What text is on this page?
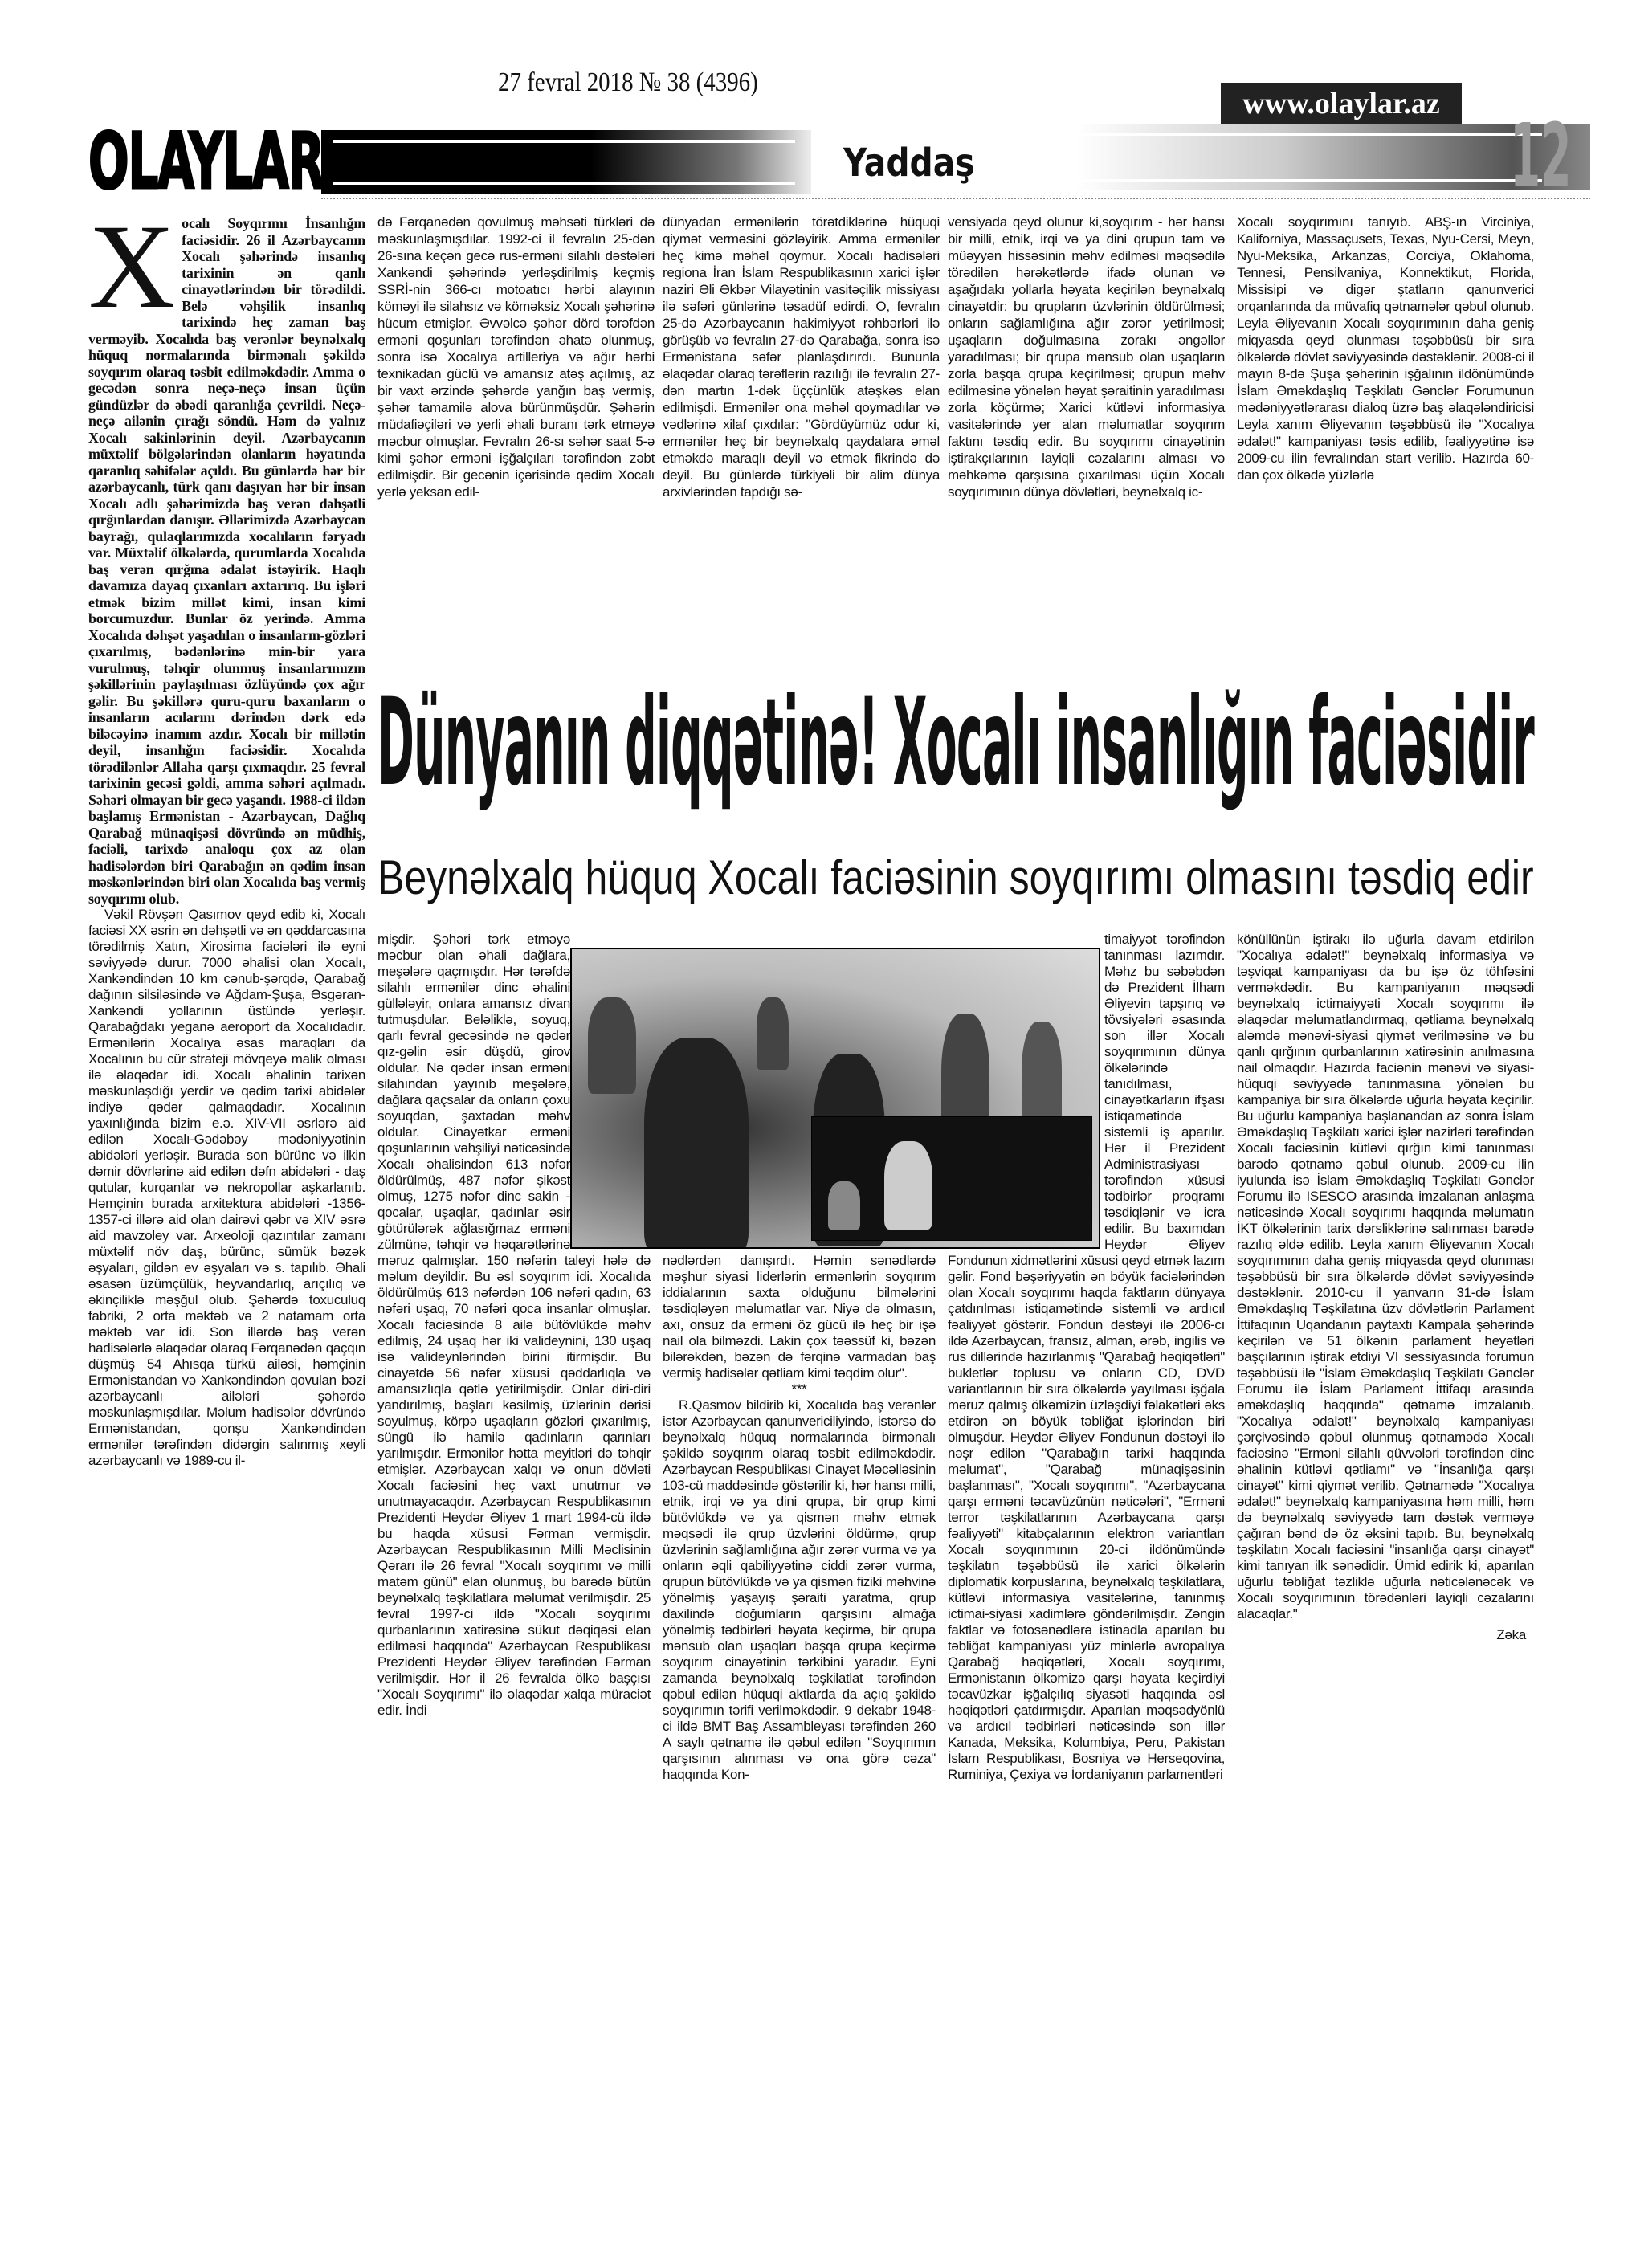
27 fevral 2018 № 38 (4396)
www.olaylar.az
OLAYLAR	Yaddaş	12

Xocalı Soyqırımı İnsanlığın faciəsidir. 26 il Azərbaycanın Xocalı şəhərində insanlıq tarixinin ən qanlı cinayətlərindən bir törədildi. Belə vəhşilik insanlıq tarixində heç zaman baş verməyib. Xocalıda baş verənlər beynəlxalq hüquq normalarında birmənalı şəkildə soyqırım olaraq təsbit edilməkdədir. Amma o gecədən sonra neçə-neçə insan üçün gündüzlər də əbədi qaranlığa çevrildi. Neçə-neçə ailənin çırağı söndü. Həm də yalnız Xocalı sakinlərinin deyil. Azərbaycanın müxtəlif bölgələrindən olanların həyatında qaranlıq səhifələr açıldı. Bu günlərdə hər bir azərbaycanlı, türk qanı daşıyan hər bir insan Xocalı adlı şəhərimizdə baş verən dəhşətli qırğınlardan danışır. Əllərimizdə Azərbaycan bayrağı, qulaqlarımızda xocalıların fəryadı var. Müxtəlif ölkələrdə, qurumlarda Xocalıda baş verən qırğına ədalət istəyirik. Haqlı davamıza dayaq çıxanları axtarırıq. Bu işləri etmək bizim millət kimi, insan kimi borcumuzdur. Bunlar öz yerində. Amma Xocalıda dəhşət yaşadılan o insanların-gözləri çıxarılmış, bədənlərinə min-bir yara vurulmuş, təhqir olunmuş insanlarımızın şəkillərinin paylaşılması özlüyündə çox ağır gəlir. Bu şəkillərə quru-quru baxanların o insanların acılarını dərindən dərk edə biləcəyinə inamım azdır. Xocalı bir millətin deyil, insanlığın faciəsidir. Xocalıda törədilənlər Allaha qarşı çıxmaqdır. 25 fevral tarixinin gecəsi gəldi, amma səhəri açılmadı. Səhəri olmayan bir gecə yaşandı. 1988-ci ildən başlamış Ermənistan - Azərbaycan, Dağlıq Qarabağ münaqişəsi dövründə ən müdhiş, faciəli, tarixdə analoqu çox az olan hadisələrdən biri Qarabağın ən qədim insan məskənlərindən biri olan Xocalıda baş vermiş soyqırımı olub.

Vəkil Rövşən Qasımov qeyd edib ki, Xocalı faciəsi XX əsrin ən dəhşətli və ən qəddarcasına törədilmiş Xatın, Xirosima faciələri ilə eyni səviyyədə durur. 7000 əhalisi olan Xocalı, Xankəndindən 10 km cənub-şərqdə, Qarabağ dağının silsiləsində və Ağdam-Şuşa, Əsgəran-Xankəndi yollarının üstündə yerləşir. Qarabağdakı yeganə aeroport da Xocalıdadır. Ermənilərin Xocalıya əsas maraqları da Xocalının bu cür strateji mövqeyə malik olması ilə əlaqədar idi. Xocalı əhalinin tarixən məskunlaşdığı yerdir və qədim tarixi abidələr indiyə qədər qalmaqdadır. Xocalının yaxınlığında bizim e.ə. XIV-VII əsrlərə aid edilən Xocalı-Gədəbəy mədəniyyətinin abidələri yerləşir. Burada son bürünc və ilkin dəmir dövrlərinə aid edilən dəfn abidələri - daş qutular, kurqanlar və nekropollar aşkarlanıb. Həmçinin burada arxitektura abidələri -1356-1357-ci illərə aid olan dairəvi qəbr və XIV əsrə aid mavzoley var. Arxeoloji qazıntılar zamanı müxtəlif növ daş, bürünc, sümük bəzək əşyaları, gildən ev əşyaları və s. tapılıb. Əhali əsasən üzümçülük, heyvandarlıq, arıçılıq və əkinçiliklə məşğul olub. Şəhərdə toxuculuq fabriki, 2 orta məktəb və 2 natamam orta məktəb var idi. Son illərdə baş verən hadisələrlə əlaqədar olaraq Fərqanədən qaçqın düşmüş 54 Ahısqa türkü ailəsi, həmçinin Ermənistandan və Xankəndindən qovulan bəzi azərbaycanlı ailələri şəhərdə məskunlaşmışdılar. Məlum hadisələr dövründə Ermənistandan, qonşu Xankəndindən ermənilər tərəfindən didərgin salınmış xeyli azərbaycanlı və 1989-cu il-

də Fərqanədən qovulmuş məhsəti türkləri də məskunlaşmışdılar. 1992-ci il fevralın 25-dən 26-sına keçən gecə rus-erməni silahlı dəstələri Xankəndi şəhərində yerləşdirilmiş keçmiş SSRİ-nin 366-cı motoatıcı hərbi alayının köməyi ilə silahsız və köməksiz Xocalı şəhərinə hücum etmişlər. Əvvəlcə şəhər dörd tərəfdən erməni qoşunları tərəfindən əhatə olunmuş, sonra isə Xocalıya artilleriya və ağır hərbi texnikadan güclü və amansız atəş açılmış, az bir vaxt ərzində şəhərdə yanğın baş vermiş, şəhər tamamilə alova bürünmüşdür. Şəhərin müdafiəçiləri və yerli əhali buranı tərk etməyə məcbur olmuşlar. Fevralın 26-sı səhər saat 5-ə kimi şəhər erməni işğalçıları tərəfindən zəbt edilmişdir. Bir gecənin içərisində qədim Xocalı yerlə yeksan edil-

dünyadan ermənilərin törətdiklərinə hüquqi qiymət verməsini gözləyirik. Amma ermənilər heç kimə məhəl qoymur. Xocalı hadisələri regiona İran İslam Respublikasının xarici işlər naziri Əli Əkbər Vilayətinin vasitəçilik missiyası ilə səfəri günlərinə təsadüf edirdi. O, fevralın 25-də Azərbaycanın hakimiyyət rəhbərləri ilə görüşüb və fevralın 27-də Qarabağa, sonra isə Ermənistana səfər planlaşdırırdı. Bununla əlaqədar olaraq tərəflərin razılığı ilə fevralın 27-dən martın 1-dək üççünlük atəşkəs elan edilmişdi. Ermənilər ona məhəl qoymadılar və vədlərinə xilaf çıxdılar: "Gördüyümüz odur ki, ermənilər heç bir beynəlxalq qaydalara əməl etməkdə maraqlı deyil və etmək fikrində də deyil. Bu günlərdə türkiyəli bir alim dünya arxivlərindən tapdığı sə-

vensiyada qeyd olunur ki,soyqırım - hər hansı bir milli, etnik, irqi və ya dini qrupun tam və müəyyən hissəsinin məhv edilməsi məqsədilə törədilən hərəkətlərdə ifadə olunan və aşağıdakı yollarla həyata keçirilən beynəlxalq cinayətdir: bu qrupların üzvlərinin öldürülməsi; onların sağlamlığına ağır zərər yetirilməsi; uşaqların doğulmasına zorakı əngəllər yaradılması; bir qrupa mənsub olan uşaqların zorla başqa qrupa keçirilməsi; qrupun məhv edilməsinə yönələn həyat şəraitinin yaradılması zorla köçürmə; Xarici kütləvi informasiya vasitələrində yer alan məlumatlar soyqırım faktını təsdiq edir. Bu soyqırımı cinayətinin iştirakçılarının layiqli cəzalarını alması və məhkəmə qarşısına çıxarılması üçün Xocalı soyqırımının dünya dövlətləri, beynəlxalq ic-

Xocalı soyqırımını tanıyıb. ABŞ-ın Virciniya, Kaliforniya, Massaçusets, Texas, Nyu-Cersi, Meyn, Nyu-Meksika, Arkanzas, Corciya, Oklahoma, Tennesi, Pensilvaniya, Konnektikut, Florida, Missisipi və digər ştatların qanunverici orqanlarında da müvafiq qətnamələr qəbul olunub. Leyla Əliyevanın Xocalı soyqırımının daha geniş miqyasda qeyd olunması təşəbbüsü bir sıra ölkələrdə dövlət səviyyəsində dəstəklənir. 2008-ci il mayın 8-də Şuşa şəhərinin işğalının ildönümündə İslam Əməkdaşlıq Təşkilatı Gənclər Forumunun mədəniyyətlərarası dialoq üzrə baş əlaqələndiricisi Leyla xanım Əliyevanın təşəbbüsü ilə "Xocalıya ədalət!" kampaniyası təsis edilib, fəaliyyətinə isə 2009-cu ilin fevralından start verilib. Hazırda 60-dan çox ölkədə yüzlərlə

Dünyanın diqqətinə! Xocalı insanlığın faciəsidir
Beynəlxalq hüquq Xocalı faciəsinin soyqırımı olmasını təsdiq edir

mişdir. Şəhəri tərk etməyə məcbur olan əhali dağlara, meşələrə qaçmışdır. Hər tərəfdə silahlı ermənilər dinc əhalini güllələyir, onlara amansız divan tutmuşdular. Beləliklə, soyuq, qarlı fevral gecəsində nə qədər qız-gəlin əsir düşdü, girov oldular. Nə qədər insan erməni silahından yayınıb meşələrə, dağlara qaçsalar da onların çoxu soyuqdan, şaxtadan məhv oldular. Cinayətkar erməni qoşunlarının vəhşiliyi nəticəsində Xocalı əhalisindən 613 nəfər öldürülmüş, 487 nəfər şikəst olmuş, 1275 nəfər dinc sakin - qocalar, uşaqlar, qadınlar əsir götürülərək ağlasığmaz erməni zülmünə, təhqir və həqarətlərinə məruz qalmışlar. 150 nəfərin taleyi hələ də məlum deyildir. Bu əsl soyqırım idi. Xocalıda öldürülmüş 613 nəfərdən 106 nəfəri qadın, 63 nəfəri uşaq, 70 nəfəri qoca insanlar olmuşlar. Xocalı faciəsində 8 ailə bütövlükdə məhv edilmiş, 24 uşaq hər iki valideynini, 130 uşaq isə valideynlərindən birini itirmişdir. Bu cinayətdə 56 nəfər xüsusi qəddarlıqla və amansızlıqla qətlə yetirilmişdir. Onlar diri-diri yandırılmış, başları kəsilmiş, üzlərinin dərisi soyulmuş, körpə uşaqların gözləri çıxarılmış, süngü ilə hamilə qadınların qarınları yarılmışdır. Ermənilər hətta meyitləri də təhqir etmişlər. Azərbaycan xalqı və onun dövləti Xocalı faciəsini heç vaxt unutmur və unutmayacaqdır. Azərbaycan Respublikasının Prezidenti Heydər Əliyev 1 mart 1994-cü ildə bu haqda xüsusi Fərman vermişdir. Azərbaycan Respublikasının Milli Məclisinin Qərarı ilə 26 fevral "Xocalı soyqırımı və milli matəm günü" elan olunmuş, bu barədə bütün beynəlxalq təşkilatlara məlumat verilmişdir. 25 fevral 1997-ci ildə "Xocalı soyqırımı qurbanlarının xatirəsinə sükut dəqiqəsi elan edilməsi haqqında" Azərbaycan Respublikası Prezidenti Heydər Əliyev tərəfindən Fərman verilmişdir. Hər il 26 fevralda ölkə başçısı "Xocalı Soyqırımı" ilə əlaqədar xalqa müraciət edir. İndi

nədlərdən danışırdı. Həmin sənədlərdə məşhur siyasi liderlərin ermənlərin soyqırım iddialarının saxta olduğunu bilmələrini təsdiqləyən məlumatlar var. Niyə də olmasın, axı, onsuz da erməni öz gücü ilə heç bir işə nail ola bilməzdi. Lakin çox təəssüf ki, bəzən bilərəkdən, bəzən də fərqinə varmadan baş vermiş hadisələr qətliam kimi təqdim olur".

***

R.Qasmov bildirib ki, Xocalıda baş verənlər istər Azərbaycan qanunvericiliyində, istərsə də beynəlxalq hüquq normalarında birmənalı şəkildə soyqırım olaraq təsbit edilməkdədir. Azərbaycan Respublikası Cinayət Məcəlləsinin 103-cü maddəsində göstərilir ki, hər hansı milli, etnik, irqi və ya dini qrupa, bir qrup kimi bütövlükdə və ya qismən məhv etmək məqsədi ilə qrup üzvlərini öldürmə, qrup üzvlərinin sağlamlığına ağır zərər vurma və ya onların əqli qabiliyyətinə ciddi zərər vurma, qrupun bütövlükdə və ya qismən fiziki məhvinə yönəlmiş yaşayış şəraiti yaratma, qrup daxilində doğumların qarşısını almağa yönəlmiş tədbirləri həyata keçirmə, bir qrupa mənsub olan uşaqları başqa qrupa keçirmə soyqırım cinayətinin tərkibini yaradır. Eyni zamanda beynəlxalq təşkilatlat tərəfindən qəbul edilən hüquqi aktlarda da açıq şəkildə soyqırımın tərifi verilməkdədir. 9 dekabr 1948-ci ildə BMT Baş Assambleyası tərəfindən 260 A saylı qətnamə ilə qəbul edilən "Soyqırımın qarşısının alınması və ona görə cəza" haqqında Kon-

timaiyyət tərəfindən tanınması lazımdır. Məhz bu səbəbdən də Prezident İlham Əliyevin tapşırıq və tövsiyələri əsasında son illər Xocalı soyqırımının dünya ölkələrində tanıdılması, cinayətkarların ifşası istiqamətində sistemli iş aparılır. Hər il Prezident Administrasiyası tərəfindən xüsusi tədbirlər proqramı təsdiqlənir və icra edilir. Bu baxımdan Heydər Əliyev Fondunun xidmətlərini xüsusi qeyd etmək lazım gəlir. Fond bəşəriyyətin ən böyük faciələrindən olan Xocalı soyqırımı haqda faktların dünyaya çatdırılması istiqamətində sistemli və ardıcıl fəaliyyət göstərir. Fondun dəstəyi ilə 2006-cı ildə Azərbaycan, fransız, alman, ərəb, ingilis və rus dillərində hazırlanmış "Qarabağ həqiqətləri" bukletlər toplusu və onların CD, DVD variantlarının bir sıra ölkələrdə yayılması işğala məruz qalmış ölkəmizin üzləşdiyi fəlakətləri əks etdirən ən böyük təbliğat işlərindən biri olmuşdur. Heydər Əliyev Fondunun dəstəyi ilə nəşr edilən "Qarabağın tarixi haqqında məlumat", "Qarabağ münaqişəsinin başlanması", "Xocalı soyqırımı", "Azərbaycana qarşı erməni təcavüzünün nəticələri", "Erməni terror təşkilatlarının Azərbaycana qarşı fəaliyyəti" kitabçalarının elektron variantları Xocalı soyqırımının 20-ci ildönümündə təşkilatın təşəbbüsü ilə xarici ölkələrin diplomatik korpuslarına, beynəlxalq təşkilatlara, kütləvi informasiya vasitələrinə, tanınmış ictimai-siyasi xadimlərə göndərilmişdir. Zəngin faktlar və fotosənədlərə istinadla aparılan bu təbliğat kampaniyası yüz minlərlə avropalıya Qarabağ həqiqətləri, Xocalı soyqırımı, Ermənistanın ölkəmizə qarşı həyata keçirdiyi təcavüzkar işğalçılıq siyasəti haqqında əsl həqiqətləri çatdırmışdır. Aparılan məqsədyönlü və ardıcıl tədbirləri nəticəsində son illər Kanada, Meksika, Kolumbiya, Peru, Pakistan İslam Respublikası, Bosniya və Herseqovina, Ruminiya, Çexiya və İordaniyanın parlamentləri

könüllünün iştirakı ilə uğurla davam etdirilən "Xocalıya ədalət!" beynəlxalq informasiya və təşviqat kampaniyası da bu işə öz töhfəsini verməkdədir. Bu kampaniyanın məqsədi beynəlxalq ictimaiyyəti Xocalı soyqırımı ilə əlaqədar məlumatlandırmaq, qətliama beynəlxalq aləmdə mənəvi-siyasi qiymət verilməsinə və bu qanlı qırğının qurbanlarının xatirəsinin anılmasına nail olmaqdır. Hazırda faciənin mənəvi və siyasi-hüquqi səviyyədə tanınmasına yönələn bu kampaniya bir sıra ölkələrdə uğurla həyata keçirilir. Bu uğurlu kampaniya başlanandan az sonra İslam Əməkdaşlıq Təşkilatı xarici işlər nazirləri tərəfindən Xocalı faciəsinin kütləvi qırğın kimi tanınması barədə qətnamə qəbul olunub. 2009-cu ilin iyulunda isə İslam Əməkdaşlıq Təşkilatı Gənclər Forumu ilə ISESCO arasında imzalanan anlaşma nəticəsində Xocalı soyqırımı haqqında məlumatın İKT ölkələrinin tarix dərsliklərinə salınması barədə razılıq əldə edilib. Leyla xanım Əliyevanın Xocalı soyqırımının daha geniş miqyasda qeyd olunması təşəbbüsü bir sıra ölkələrdə dövlət səviyyəsində dəstəklənir. 2010-cu il yanvarın 31-də İslam Əməkdaşlıq Təşkilatına üzv dövlətlərin Parlament İttifaqının Uqandanın paytaxtı Kampala şəhərində keçirilən və 51 ölkənin parlament heyətləri başçılarının iştirak etdiyi VI sessiyasında forumun təşəbbüsü ilə "İslam Əməkdaşlıq Təşkilatı Gənclər Forumu ilə İslam Parlament İttifaqı arasında əməkdaşlıq haqqında" qətnamə imzalanıb. "Xocalıya ədalət!" beynəlxalq kampaniyası çərçivəsində qəbul olunmuş qətnamədə Xocalı faciəsinə "Erməni silahlı qüvvələri tərəfindən dinc əhalinin kütləvi qətliamı" və "İnsanlığa qarşı cinayət" kimi qiymət verilib. Qətnamədə "Xocalıya ədalət!" beynəlxalq kampaniyasına həm milli, həm də beynəlxalq səviyyədə tam dəstək verməyə çağıran bənd də öz əksini tapıb. Bu, beynəlxalq təşkilatın Xocalı faciəsini "insanlığa qarşı cinayət" kimi tanıyan ilk sənədidir. Ümid edirik ki, aparılan uğurlu təbliğat təzliklə uğurla nəticələnəcək və Xocalı soyqırımının törədənləri layiqli cəzalarını alacaqlar."

Zəka
